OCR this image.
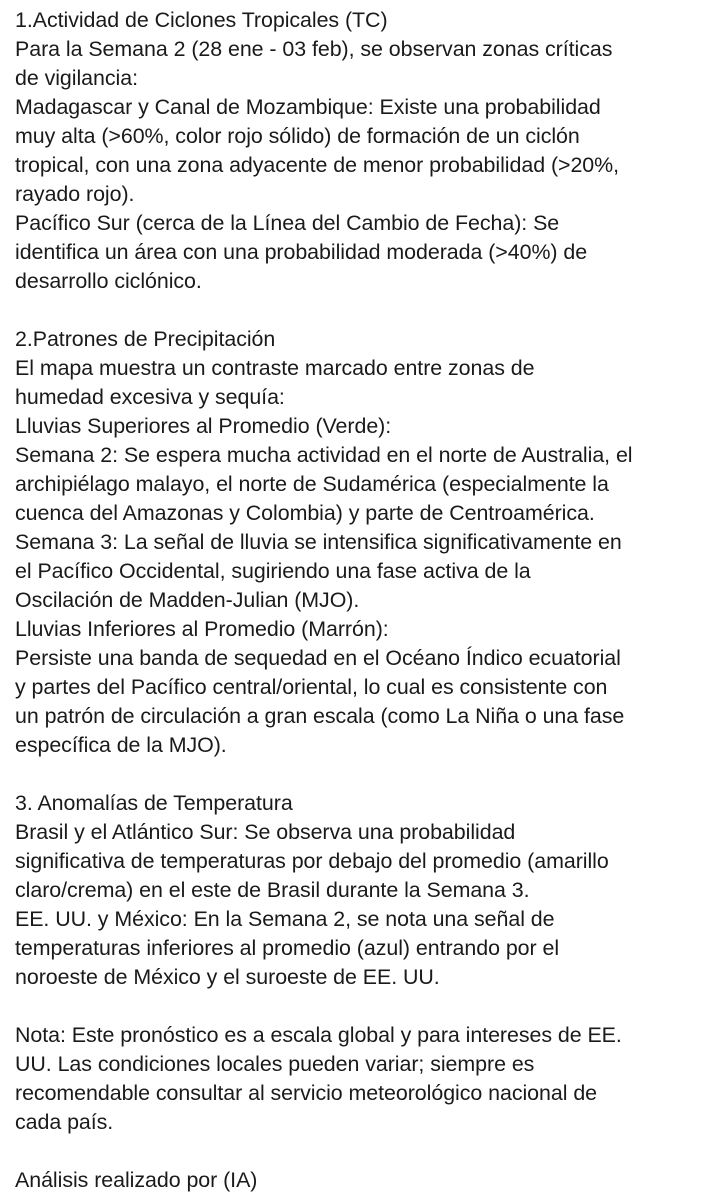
1.Actividad de Ciclones Tropicales (TC)
Para la Semana 2 (28 ene - 03 feb), se observan zonas críticas
de vigilancia:
Madagascar y Canal de Mozambique: Existe una probabilidad
muy alta (>60%, color rojo sólido) de formación de un ciclón
tropical, con una zona adyacente de menor probabilidad (>20%,
rayado rojo).
Pacífico Sur (cerca de la Línea del Cambio de Fecha): Se
identifica un área con una probabilidad moderada (>40%) de
desarrollo ciclónico.
2.Patrones de Precipitación
El mapa muestra un contraste marcado entre zonas de
humedad excesiva y sequía:
Lluvias Superiores al Promedio (Verde):
Semana 2: Se espera mucha actividad en el norte de Australia, el
archipiélago malayo, el norte de Sudamérica (especialmente la
cuenca del Amazonas y Colombia) y parte de Centroamérica.
Semana 3: La señal de lluvia se intensifica significativamente en
el Pacífico Occidental, sugiriendo una fase activa de la
Oscilación de Madden-Julian (MJO).
Lluvias Inferiores al Promedio (Marrón):
Persiste una banda de sequedad en el Océano Índico ecuatorial
y partes del Pacífico central/oriental, lo cual es consistente con
un patrón de circulación a gran escala (como La Niña o una fase
específica de la MJO).
3. Anomalías de Temperatura
Brasil y el Atlántico Sur: Se observa una probabilidad
significativa de temperaturas por debajo del promedio (amarillo
claro/crema) en el este de Brasil durante la Semana 3.
EE. UU. y México: En la Semana 2, se nota una señal de
temperaturas inferiores al promedio (azul) entrando por el
noroeste de México y el suroeste de EE. UU.
Nota: Este pronóstico es a escala global y para intereses de EE.
UU. Las condiciones locales pueden variar; siempre es
recomendable consultar al servicio meteorológico nacional de
cada país.
Análisis realizado por (IA)
